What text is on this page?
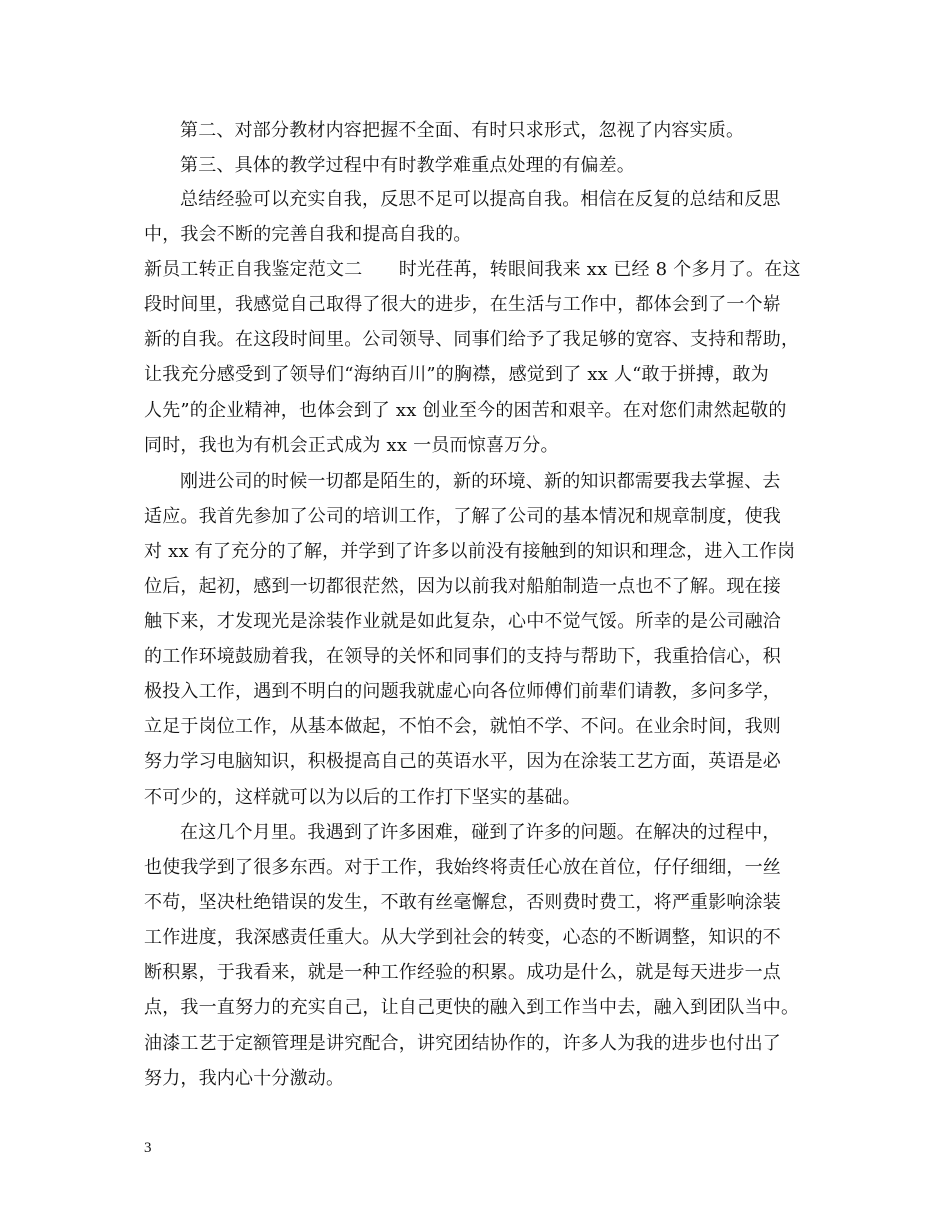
第二、对部分教材内容把握不全面、有时只求形式，忽视了内容实质。
第三、具体的教学过程中有时教学难重点处理的有偏差。
总结经验可以充实自我，反思不足可以提高自我。相信在反复的总结和反思
中，我会不断的完善自我和提高自我的。
新员工转正自我鉴定范文二　　时光荏苒，转眼间我来 xx 已经 8 个多月了。在这
段时间里，我感觉自己取得了很大的进步，在生活与工作中，都体会到了一个崭
新的自我。在这段时间里。公司领导、同事们给予了我足够的宽容、支持和帮助，
让我充分感受到了领导们“海纳百川”的胸襟，感觉到了 xx 人“敢于拼搏，敢为
人先”的企业精神，也体会到了 xx 创业至今的困苦和艰辛。在对您们肃然起敬的
同时，我也为有机会正式成为 xx 一员而惊喜万分。
刚进公司的时候一切都是陌生的，新的环境、新的知识都需要我去掌握、去
适应。我首先参加了公司的培训工作，了解了公司的基本情况和规章制度，使我
对 xx 有了充分的了解，并学到了许多以前没有接触到的知识和理念，进入工作岗
位后，起初，感到一切都很茫然，因为以前我对船舶制造一点也不了解。现在接
触下来，才发现光是涂装作业就是如此复杂，心中不觉气馁。所幸的是公司融洽
的工作环境鼓励着我，在领导的关怀和同事们的支持与帮助下，我重拾信心，积
极投入工作，遇到不明白的问题我就虚心向各位师傅们前辈们请教，多问多学，
立足于岗位工作，从基本做起，不怕不会，就怕不学、不问。在业余时间，我则
努力学习电脑知识，积极提高自己的英语水平，因为在涂装工艺方面，英语是必
不可少的，这样就可以为以后的工作打下坚实的基础。
在这几个月里。我遇到了许多困难，碰到了许多的问题。在解决的过程中，
也使我学到了很多东西。对于工作，我始终将责任心放在首位，仔仔细细，一丝
不苟，坚决杜绝错误的发生，不敢有丝毫懈怠，否则费时费工，将严重影响涂装
工作进度，我深感责任重大。从大学到社会的转变，心态的不断调整，知识的不
断积累，于我看来，就是一种工作经验的积累。成功是什么，就是每天进步一点
点，我一直努力的充实自己，让自己更快的融入到工作当中去，融入到团队当中。
油漆工艺于定额管理是讲究配合，讲究团结协作的，许多人为我的进步也付出了
努力，我内心十分激动。
3
